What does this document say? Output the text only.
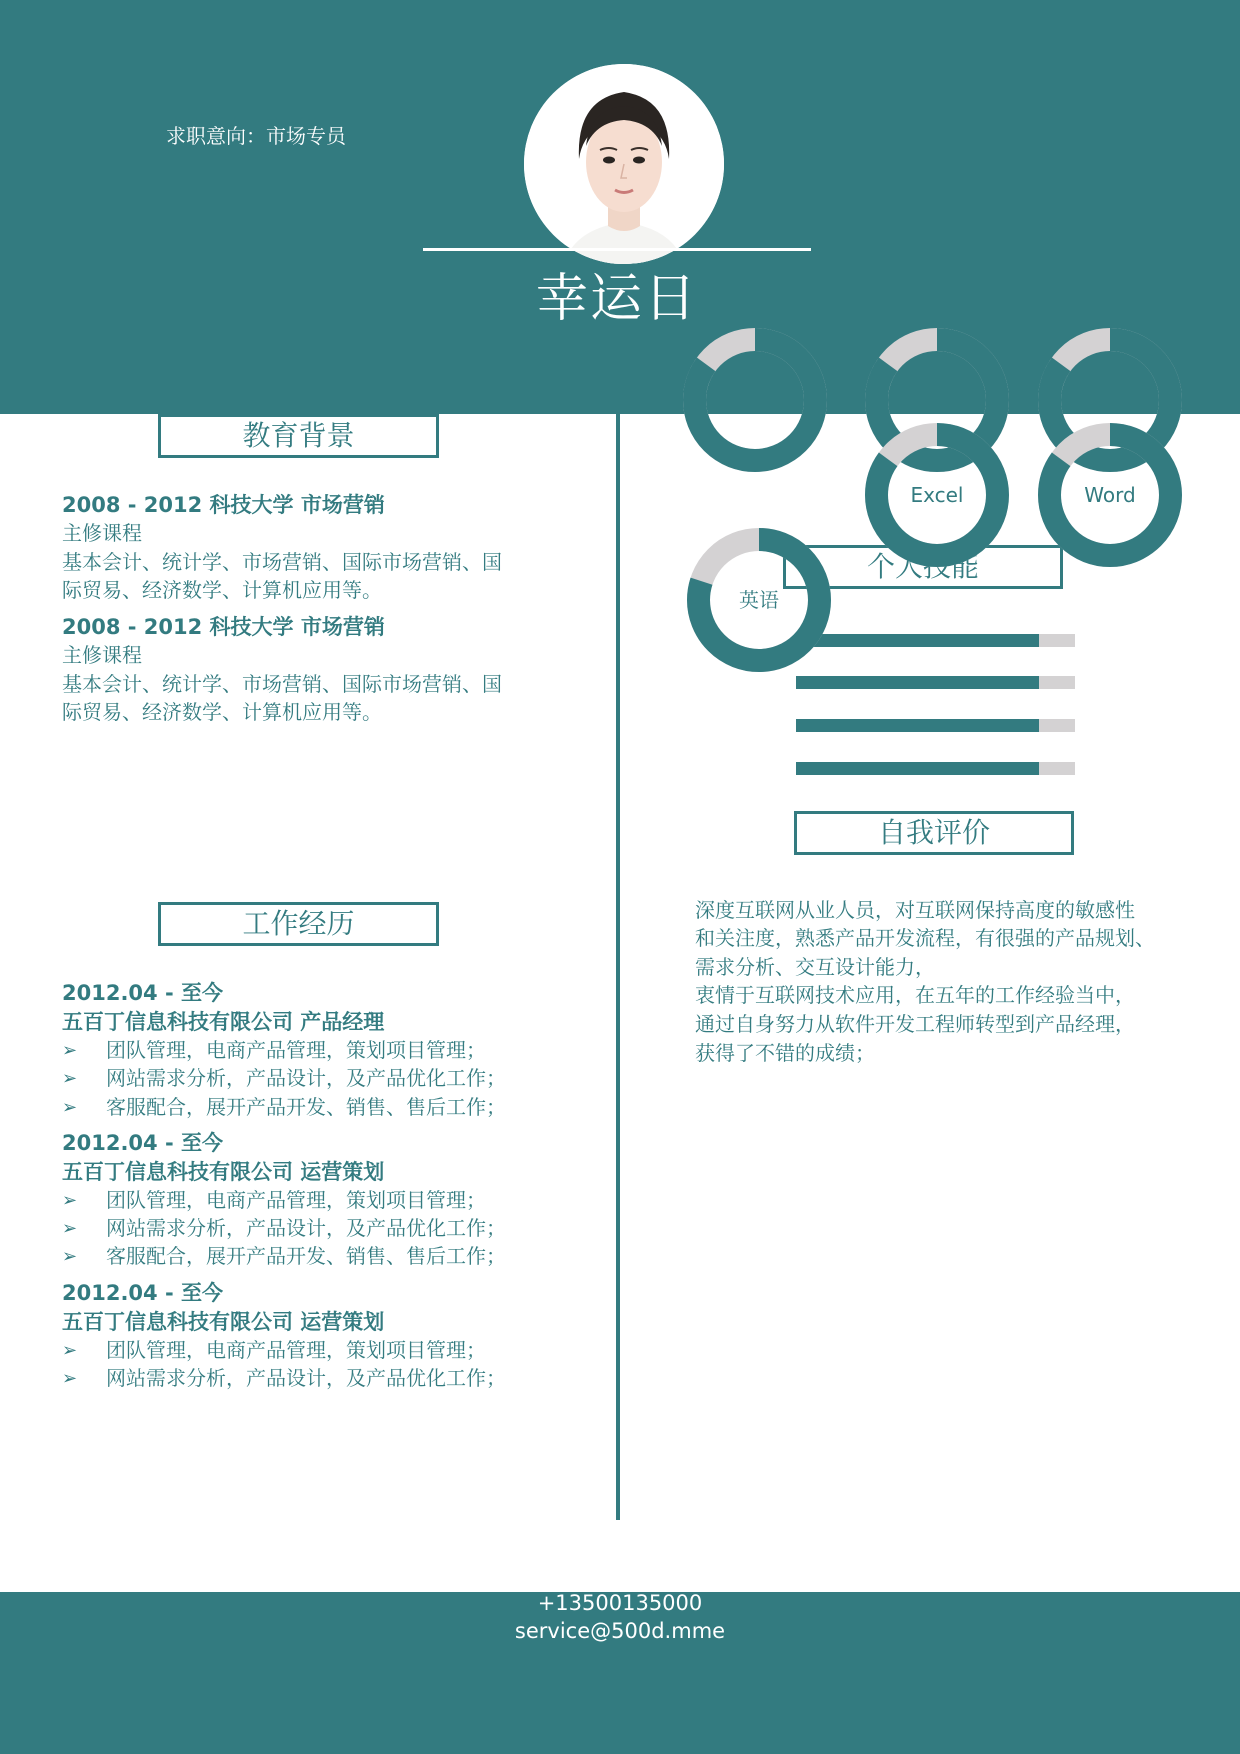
求职意向：市场专员
幸运日
教育背景
2008 - 2012 科技大学 市场营销
主修课程
基本会计、统计学、市场营销、国际市场营销、国
际贸易、经济数学、计算机应用等。
2008 - 2012 科技大学 市场营销
主修课程
基本会计、统计学、市场营销、国际市场营销、国
际贸易、经济数学、计算机应用等。
工作经历
2012.04 - 至今
五百丁信息科技有限公司 产品经理
➢ 团队管理，电商产品管理，策划项目管理；
➢ 网站需求分析，产品设计，及产品优化工作；
➢ 客服配合，展开产品开发、销售、售后工作；
2012.04 - 至今
五百丁信息科技有限公司 运营策划
➢ 团队管理，电商产品管理，策划项目管理；
➢ 网站需求分析，产品设计，及产品优化工作；
➢ 客服配合，展开产品开发、销售、售后工作；
2012.04 - 至今
五百丁信息科技有限公司 运营策划
➢ 团队管理，电商产品管理，策划项目管理；
➢ 网站需求分析，产品设计，及产品优化工作；
个人技能
Excel	Word
英语
自我评价
深度互联网从业人员，对互联网保持高度的敏感性
和关注度，熟悉产品开发流程，有很强的产品规划、
需求分析、交互设计能力，
衷情于互联网技术应用，在五年的工作经验当中，
通过自身努力从软件开发工程师转型到产品经理，
获得了不错的成绩；
+13500135000
service@500d.mme
